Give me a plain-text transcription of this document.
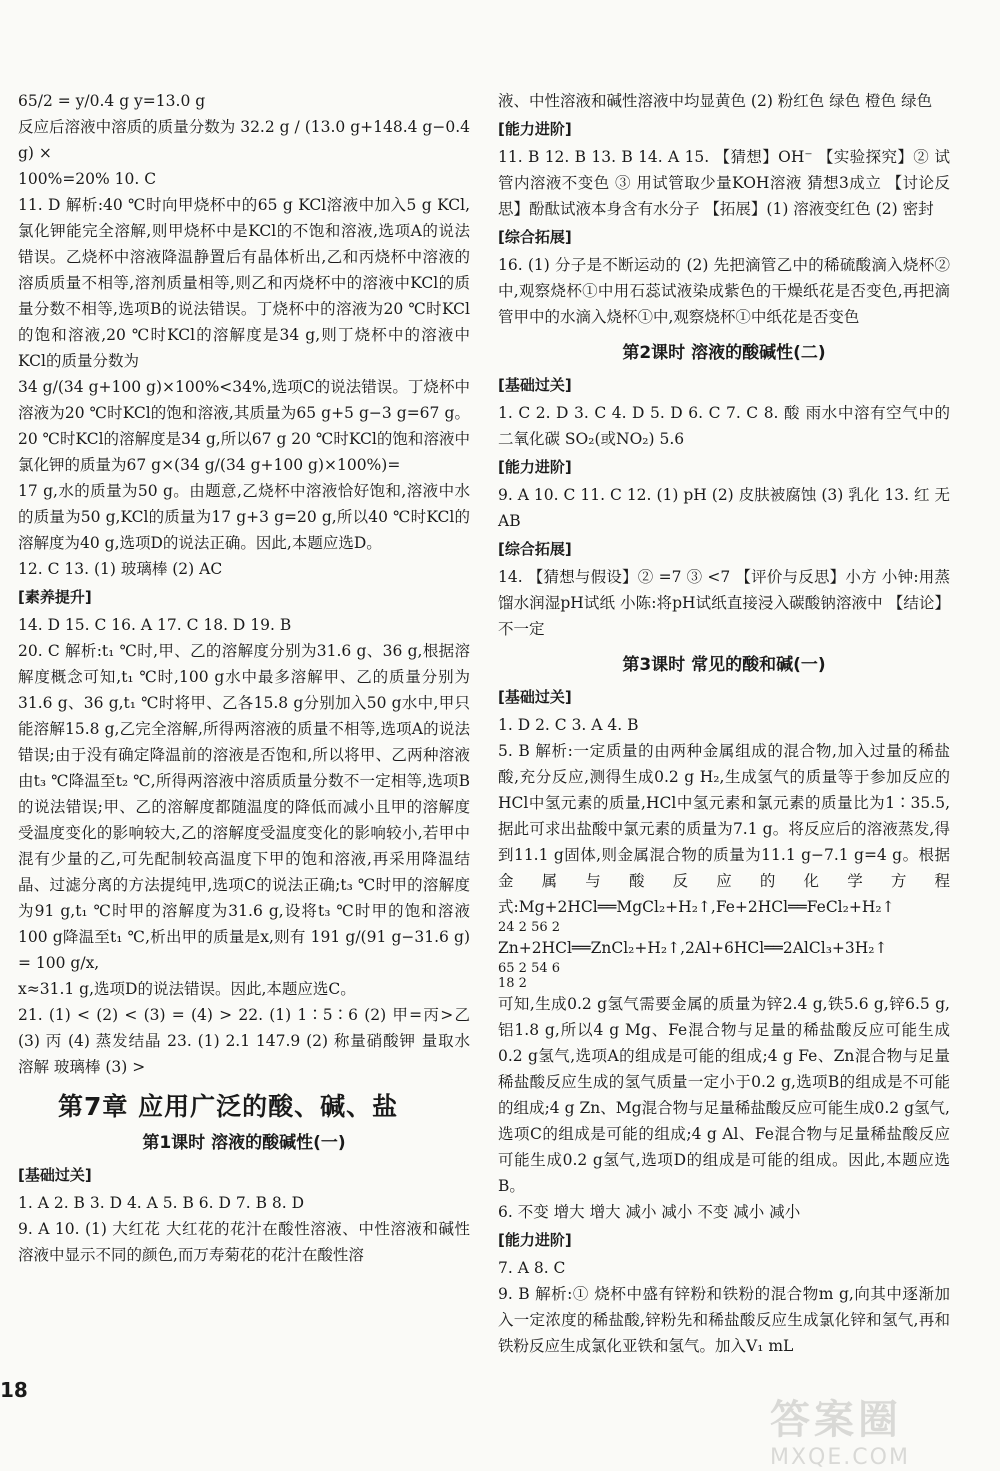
65/2 = y/0.4 g y=13.0 g

反应后溶液中溶质的质量分数为 32.2 g / (13.0 g+148.4 g−0.4 g) ×

100%=20% 10. C

11. D 解析:40 ℃时向甲烧杯中的65 g KCl溶液中加入5 g KCl,氯化钾能完全溶解,则甲烧杯中是KCl的不饱和溶液,选项A的说法错误。乙烧杯中溶液降温静置后有晶体析出,乙和丙烧杯中溶液的溶质质量不相等,溶剂质量相等,则乙和丙烧杯中的溶液中KCl的质量分数不相等,选项B的说法错误。丁烧杯中的溶液为20 ℃时KCl的饱和溶液,20 ℃时KCl的溶解度是34 g,则丁烧杯中的溶液中KCl的质量分数为

34 g/(34 g+100 g)×100%<34%,选项C的说法错误。丁烧杯中溶液为20 ℃时KCl的饱和溶液,其质量为65 g+5 g−3 g=67 g。20 ℃时KCl的溶解度是34 g,所以67 g 20 ℃时KCl的饱和溶液中氯化钾的质量为67 g×(34 g/(34 g+100 g)×100%)=

17 g,水的质量为50 g。由题意,乙烧杯中溶液恰好饱和,溶液中水的质量为50 g,KCl的质量为17 g+3 g=20 g,所以40 ℃时KCl的溶解度为40 g,选项D的说法正确。因此,本题应选D。

12. C 13. (1) 玻璃棒 (2) AC

[素养提升]

14. D 15. C 16. A 17. C 18. D 19. B

20. C 解析:t₁ ℃时,甲、乙的溶解度分别为31.6 g、36 g,根据溶解度概念可知,t₁ ℃时,100 g水中最多溶解甲、乙的质量分别为31.6 g、36 g,t₁ ℃时将甲、乙各15.8 g分别加入50 g水中,甲只能溶解15.8 g,乙完全溶解,所得两溶液的质量不相等,选项A的说法错误;由于没有确定降温前的溶液是否饱和,所以将甲、乙两种溶液由t₃ ℃降温至t₂ ℃,所得两溶液中溶质质量分数不一定相等,选项B的说法错误;甲、乙的溶解度都随温度的降低而减小且甲的溶解度受温度变化的影响较大,乙的溶解度受温度变化的影响较小,若甲中混有少量的乙,可先配制较高温度下甲的饱和溶液,再采用降温结晶、过滤分离的方法提纯甲,选项C的说法正确;t₃ ℃时甲的溶解度为91 g,t₁ ℃时甲的溶解度为31.6 g,设将t₃ ℃时甲的饱和溶液100 g降温至t₁ ℃,析出甲的质量是x,则有 191 g/(91 g−31.6 g) = 100 g/x,

x≈31.1 g,选项D的说法错误。因此,本题应选C。

21. (1) < (2) < (3) = (4) > 22. (1) 1∶5∶6 (2) 甲=丙>乙 (3) 丙 (4) 蒸发结晶 23. (1) 2.1 147.9 (2) 称量硝酸钾 量取水 溶解 玻璃棒 (3) >

第7章 应用广泛的酸、碱、盐
第1课时 溶液的酸碱性(一)
[基础过关]

1. A 2. B 3. D 4. A 5. B 6. D 7. B 8. D

9. A 10. (1) 大红花 大红花的花汁在酸性溶液、中性溶液和碱性溶液中显示不同的颜色,而万寿菊花的花汁在酸性溶

液、中性溶液和碱性溶液中均显黄色 (2) 粉红色 绿色 橙色 绿色

[能力进阶]

11. B 12. B 13. B 14. A 15. 【猜想】OH⁻ 【实验探究】② 试管内溶液不变色 ③ 用试管取少量KOH溶液 猜想3成立 【讨论反思】酚酞试液本身含有水分子 【拓展】(1) 溶液变红色 (2) 密封

[综合拓展]

16. (1) 分子是不断运动的 (2) 先把滴管乙中的稀硫酸滴入烧杯②中,观察烧杯①中用石蕊试液染成紫色的干燥纸花是否变色,再把滴管甲中的水滴入烧杯①中,观察烧杯①中纸花是否变色

第2课时 溶液的酸碱性(二)
[基础过关]

1. C 2. D 3. C 4. D 5. D 6. C 7. C 8. 酸 雨水中溶有空气中的二氧化碳 SO₂(或NO₂) 5.6

[能力进阶]

9. A 10. C 11. C 12. (1) pH (2) 皮肤被腐蚀 (3) 乳化 13. 红 无 AB

[综合拓展]

14. 【猜想与假设】② =7 ③ <7 【评价与反思】小方 小钟:用蒸馏水润湿pH试纸 小陈:将pH试纸直接浸入碳酸钠溶液中 【结论】不一定

第3课时 常见的酸和碱(一)
[基础过关]

1. D 2. C 3. A 4. B

5. B 解析:一定质量的由两种金属组成的混合物,加入过量的稀盐酸,充分反应,测得生成0.2 g H₂,生成氢气的质量等于参加反应的HCl中氢元素的质量,HCl中氢元素和氯元素的质量比为1∶35.5,据此可求出盐酸中氯元素的质量为7.1 g。将反应后的溶液蒸发,得到11.1 g固体,则金属混合物的质量为11.1 g−7.1 g=4 g。根据金属与酸反应的化学方程式:Mg+2HCl══MgCl₂+H₂↑,Fe+2HCl══FeCl₂+H₂↑

24 2 56 2

Zn+2HCl══ZnCl₂+H₂↑,2Al+6HCl══2AlCl₃+3H₂↑

65 2 54 6

18 2

可知,生成0.2 g氢气需要金属的质量为锌2.4 g,铁5.6 g,锌6.5 g,铝1.8 g,所以4 g Mg、Fe混合物与足量的稀盐酸反应可能生成0.2 g氢气,选项A的组成是可能的组成;4 g Fe、Zn混合物与足量稀盐酸反应生成的氢气质量一定小于0.2 g,选项B的组成是不可能的组成;4 g Zn、Mg混合物与足量稀盐酸反应可能生成0.2 g氢气,选项C的组成是可能的组成;4 g Al、Fe混合物与足量稀盐酸反应可能生成0.2 g氢气,选项D的组成是可能的组成。因此,本题应选B。

6. 不变 增大 增大 减小 减小 不变 减小 减小

[能力进阶]

7. A 8. C

9. B 解析:① 烧杯中盛有锌粉和铁粉的混合物m g,向其中逐渐加入一定浓度的稀盐酸,锌粉先和稀盐酸反应生成氯化锌和氢气,再和铁粉反应生成氯化亚铁和氢气。加入V₁ mL

18
答案圈
MXQE.COM
